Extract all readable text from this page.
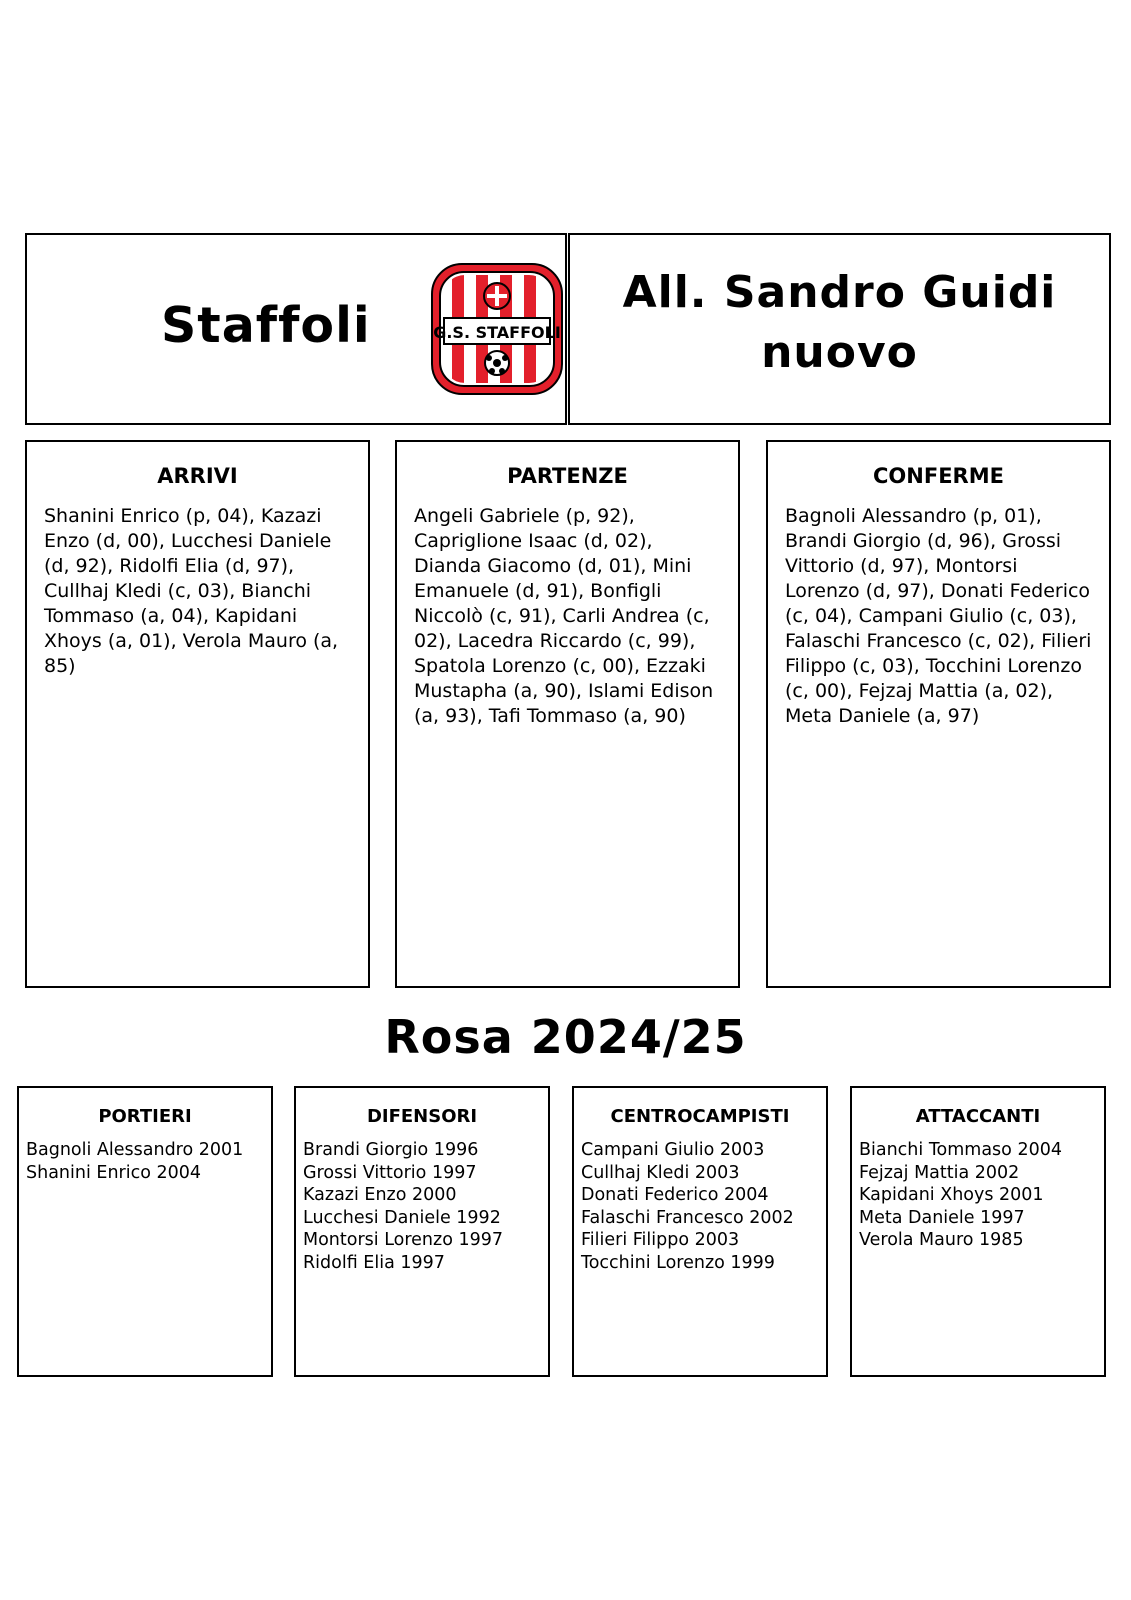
Staffoli	G.S. STAFFOLI
All. Sandro Guidi
nuovo
ARRIVI
Shanini Enrico (p, 04), Kazazi Enzo (d, 00), Lucchesi Daniele (d, 92), Ridolfi Elia (d, 97), Cullhaj Kledi (c, 03), Bianchi Tommaso (a, 04), Kapidani Xhoys (a, 01), Verola Mauro (a, 85)
PARTENZE
Angeli Gabriele (p, 92), Capriglione Isaac (d, 02), Dianda Giacomo (d, 01), Mini Emanuele (d, 91), Bonfigli Niccolò (c, 91), Carli Andrea (c, 02), Lacedra Riccardo (c, 99), Spatola Lorenzo (c, 00), Ezzaki Mustapha (a, 90), Islami Edison (a, 93), Tafi Tommaso (a, 90)
CONFERME
Bagnoli Alessandro (p, 01), Brandi Giorgio (d, 96), Grossi Vittorio (d, 97), Montorsi Lorenzo (d, 97), Donati Federico (c, 04), Campani Giulio (c, 03), Falaschi Francesco (c, 02), Filieri Filippo (c, 03), Tocchini Lorenzo (c, 00), Fejzaj Mattia (a, 02), Meta Daniele (a, 97)
Rosa 2024/25
PORTIERI
Bagnoli Alessandro 2001
Shanini Enrico 2004
DIFENSORI
Brandi Giorgio 1996
Grossi Vittorio 1997
Kazazi Enzo 2000
Lucchesi Daniele 1992
Montorsi Lorenzo 1997
Ridolfi Elia 1997
CENTROCAMPISTI
Campani Giulio 2003
Cullhaj Kledi 2003
Donati Federico 2004
Falaschi Francesco 2002
Filieri Filippo 2003
Tocchini Lorenzo 1999
ATTACCANTI
Bianchi Tommaso 2004
Fejzaj Mattia 2002
Kapidani Xhoys 2001
Meta Daniele 1997
Verola Mauro 1985
